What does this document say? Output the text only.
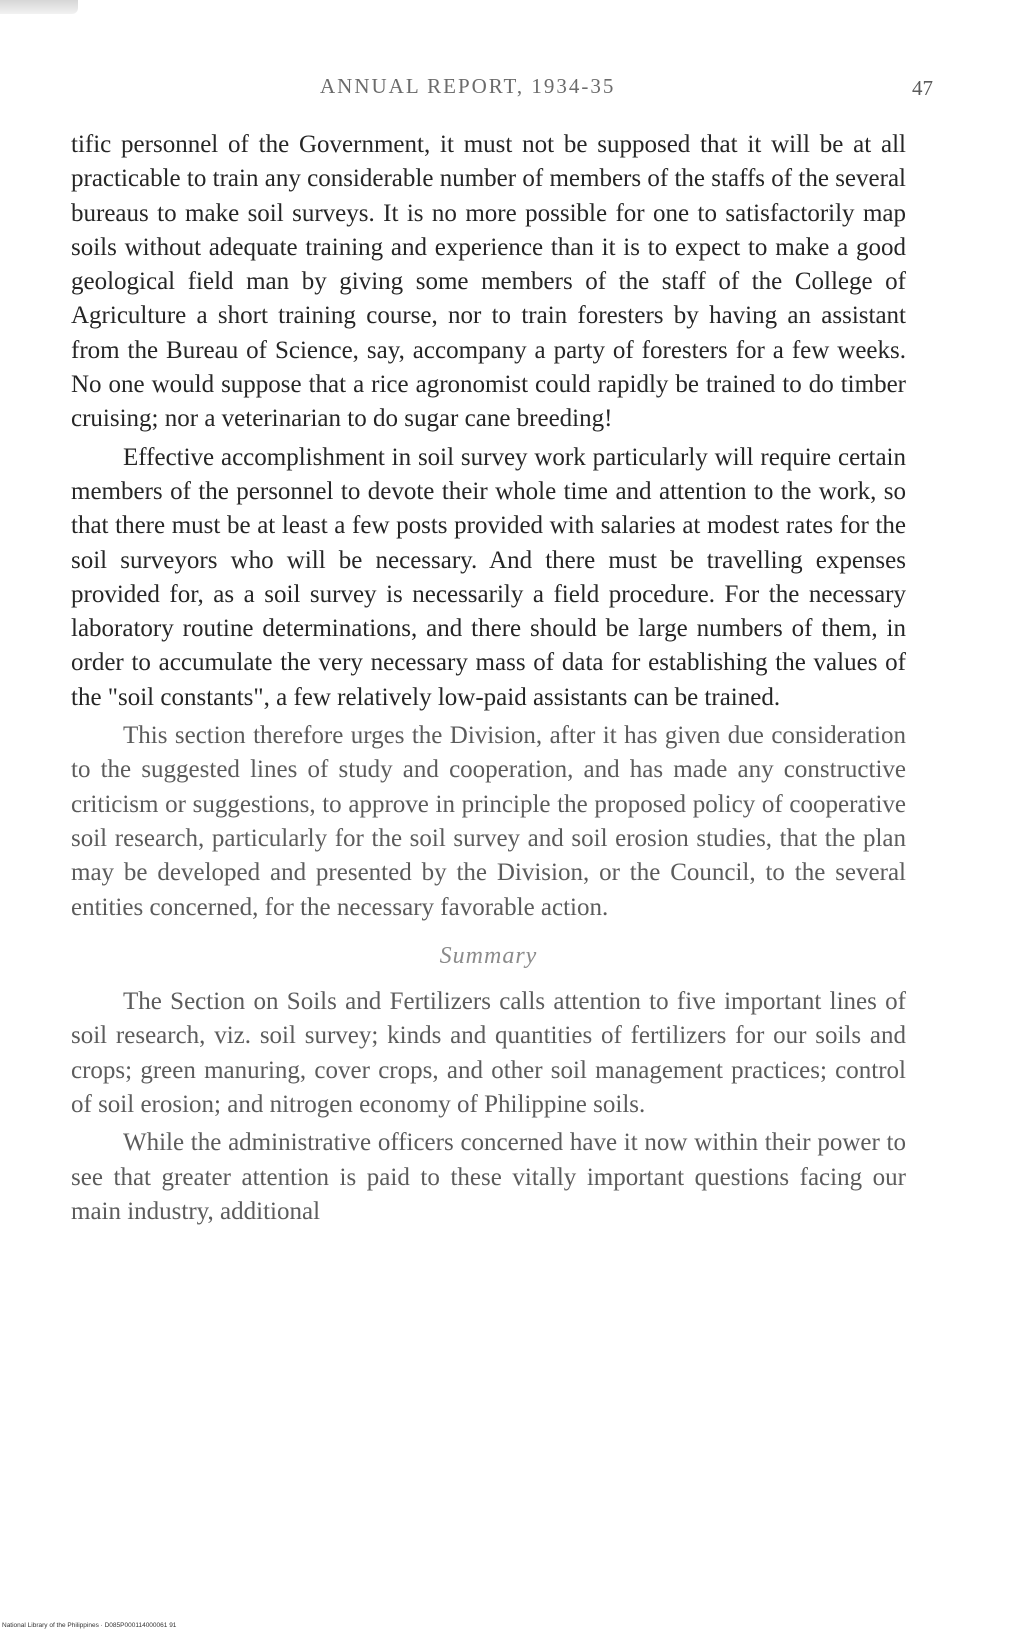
ANNUAL REPORT, 1934-35	47

tific personnel of the Government, it must not be supposed that it will be at all practicable to train any considerable number of members of the staffs of the several bureaus to make soil surveys. It is no more possible for one to satisfactorily map soils without adequate training and experience than it is to expect to make a good geological field man by giving some members of the staff of the College of Agriculture a short training course, nor to train foresters by having an assistant from the Bureau of Science, say, accompany a party of foresters for a few weeks. No one would suppose that a rice agronomist could rapidly be trained to do timber cruising; nor a veterinarian to do sugar cane breeding!

Effective accomplishment in soil survey work particularly will require certain members of the personnel to devote their whole time and attention to the work, so that there must be at least a few posts provided with salaries at modest rates for the soil surveyors who will be necessary. And there must be travelling expenses provided for, as a soil survey is necessarily a field procedure. For the necessary laboratory routine determinations, and there should be large numbers of them, in order to accumulate the very necessary mass of data for establishing the values of the "soil constants", a few relatively low-paid assistants can be trained.

This section therefore urges the Division, after it has given due consideration to the suggested lines of study and cooperation, and has made any constructive criticism or suggestions, to approve in principle the proposed policy of cooperative soil research, particularly for the soil survey and soil erosion studies, that the plan may be developed and presented by the Division, or the Council, to the several entities concerned, for the necessary favorable action.

Summary

The Section on Soils and Fertilizers calls attention to five important lines of soil research, viz. soil survey; kinds and quantities of fertilizers for our soils and crops; green manuring, cover crops, and other soil management practices; control of soil erosion; and nitrogen economy of Philippine soils.

While the administrative officers concerned have it now within their power to see that greater attention is paid to these vitally important questions facing our main industry, additional

National Library of the Philippines · D085P000114000061 91
